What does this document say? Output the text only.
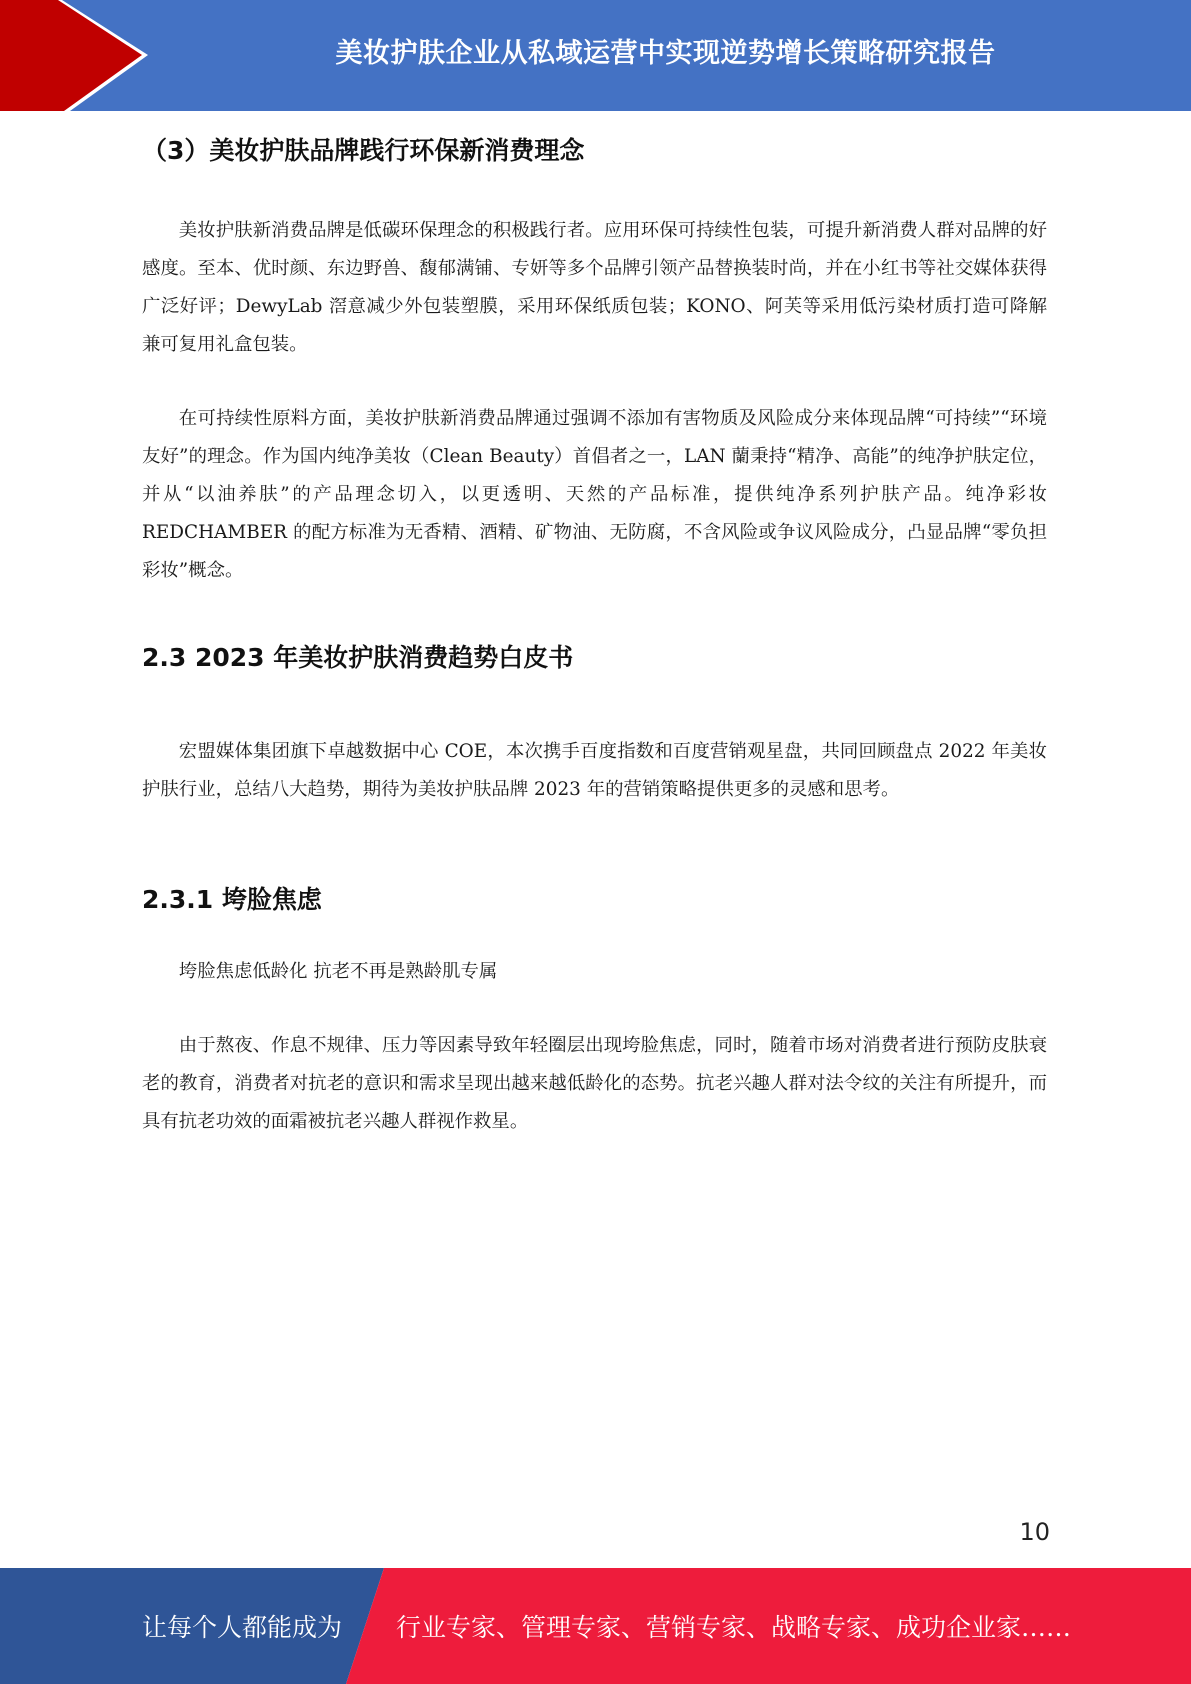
美妆护肤企业从私域运营中实现逆势增长策略研究报告
（3）美妆护肤品牌践行环保新消费理念

美妆护肤新消费品牌是低碳环保理念的积极践行者。应用环保可持续性包装，可提升新消费人群对品牌的好感度。至本、优时颜、东边野兽、馥郁满铺、专妍等多个品牌引领产品替换装时尚，并在小红书等社交媒体获得广泛好评；DewyLab 滘意减少外包装塑膜，采用环保纸质包装；KONO、阿芙等采用低污染材质打造可降解兼可复用礼盒包装。

在可持续性原料方面，美妆护肤新消费品牌通过强调不添加有害物质及风险成分来体现品牌“可持续”“环境友好”的理念。作为国内纯净美妆（Clean Beauty）首倡者之一，LAN 蘭秉持“精净、高能”的纯净护肤定位，并从“以油养肤”的产品理念切入，以更透明、天然的产品标准，提供纯净系列护肤产品。纯净彩妆 REDCHAMBER 的配方标准为无香精、酒精、矿物油、无防腐，不含风险或争议风险成分，凸显品牌“零负担彩妆”概念。

2.3 2023 年美妆护肤消费趋势白皮书

宏盟媒体集团旗下卓越数据中心 COE，本次携手百度指数和百度营销观星盘，共同回顾盘点 2022 年美妆护肤行业，总结八大趋势，期待为美妆护肤品牌 2023 年的营销策略提供更多的灵感和思考。

2.3.1 垮脸焦虑

垮脸焦虑低龄化 抗老不再是熟龄肌专属

由于熬夜、作息不规律、压力等因素导致年轻圈层出现垮脸焦虑，同时，随着市场对消费者进行预防皮肤衰老的教育，消费者对抗老的意识和需求呈现出越来越低龄化的态势。抗老兴趣人群对法令纹的关注有所提升，而具有抗老功效的面霜被抗老兴趣人群视作救星。

10
让每个人都能成为 行业专家、管理专家、营销专家、战略专家、成功企业家……
